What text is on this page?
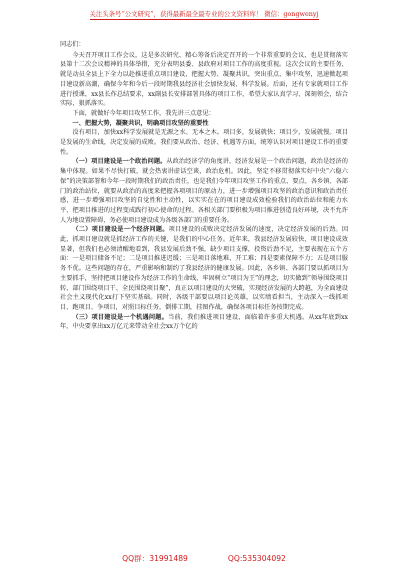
关注头条号“公文研究”，获得最新最全最专业的公文资料库！ 微信：gongwenyj

同志们：

今天召开项目工作会议，这是多次研究、精心筹备后决定召开的一个非常重要的会议，也是贯彻落实县第十二次会议精神的具体举措，充分表明县委、县政府对项目工作的高度重视。这次会议的主要任务，就是动员全县上下全力以赴推进重点项目建设，把握大势、凝聚共识，突出重点、集中攻坚，迅速掀起项目建设新高潮，确保今年和今后一段时期我县经济社会加快发展、科学发展。后面，还有专家就项目工作进行授课，xx县长作总结要求，xx副县长安排部署具体的项目工作，希望大家认真学习、深刻领会，结合实际，狠抓落实。

下面，就做好今年项目攻坚工作，我先讲三点意见：

一、把握大势，凝聚共识，明确项目攻坚的重要性

没有项目，加快xx科学发展就是无源之水、无本之木。项目多，发展就快；项目少，发展就慢。项目是发展的生命线，决定发展的成败。我们要从政治、经济、机遇等方面，统筹认识对项目建设工作的重要性。

（一）项目建设是一个政治问题。从政治经济学的角度讲，经济发展是一个政治问题，政治是经济的集中体现。如果不尽快打破，就会热衷讲虚话空谈，政治危机。因此，坚定不移贯彻落实好中央“六稳六保”的决策部署和今年一段时期我们的政治责任，也是我们今年项目攻坚工作的重点、要点、各乡镇、各部门的政治站位，就要从政治的高度来把握各项项目的原动力，进一步增强项目攻坚的政治意识和政治责任感，进一步增强项目攻坚的自觉性和主动性，以实实在在的项目建设成效检验我们的政治站位和能力水平，把项目推进的过程变成践行初心使命的过程。各相关部门要积极为项目推进创造良好环境，决不允许人为地设置障碍，务必使项目建设成为各级各部门的重要任务。

（二）项目建设是一个经济问题。项目建设的成败决定经济发展的速度，决定经济发展的后劲。因此，抓项目建设就是抓经济工作的关键，是我们的中心任务。近年来，我县经济发展较快，项目建设成效显著，但我们也必须清醒地看到，我县发展后劲不强，缺少项目支撑，投资后劲不足，主要表现在五个方面：一是项目储备不足；二是项目推进迟缓；三是项目落地难、开工难；四是要素保障不力；五是项目服务不优。这些问题的存在，严重影响和制约了我县经济的健康发展。因此，各乡镇、各部门要以抓项目为主要抓手，坚持把项目建设作为经济工作的生命线，牢固树立“项目为王”的理念，切实做到“领导围绕项目转、部门围绕项目干、全民围绕项目聚”，真正以项目建设的大突破，实现经济发展的大跨越，为全面建设社会主义现代化xx打下坚实基础。同时，各级干部要以项目论英雄，以实绩看担当，主动深入一线抓项目、跑项目、争项目，对照目标任务，倒排工期，挂图作战，确保各项目标任务按期完成。

（三）项目建设是一个机遇问题。当前，我们推进项目建设，面临着许多重大机遇。从xx年底到xx年，中央要拿出xx万亿元来带动全社会xx万个亿的

QQ群：31991489	QQ:535304092
